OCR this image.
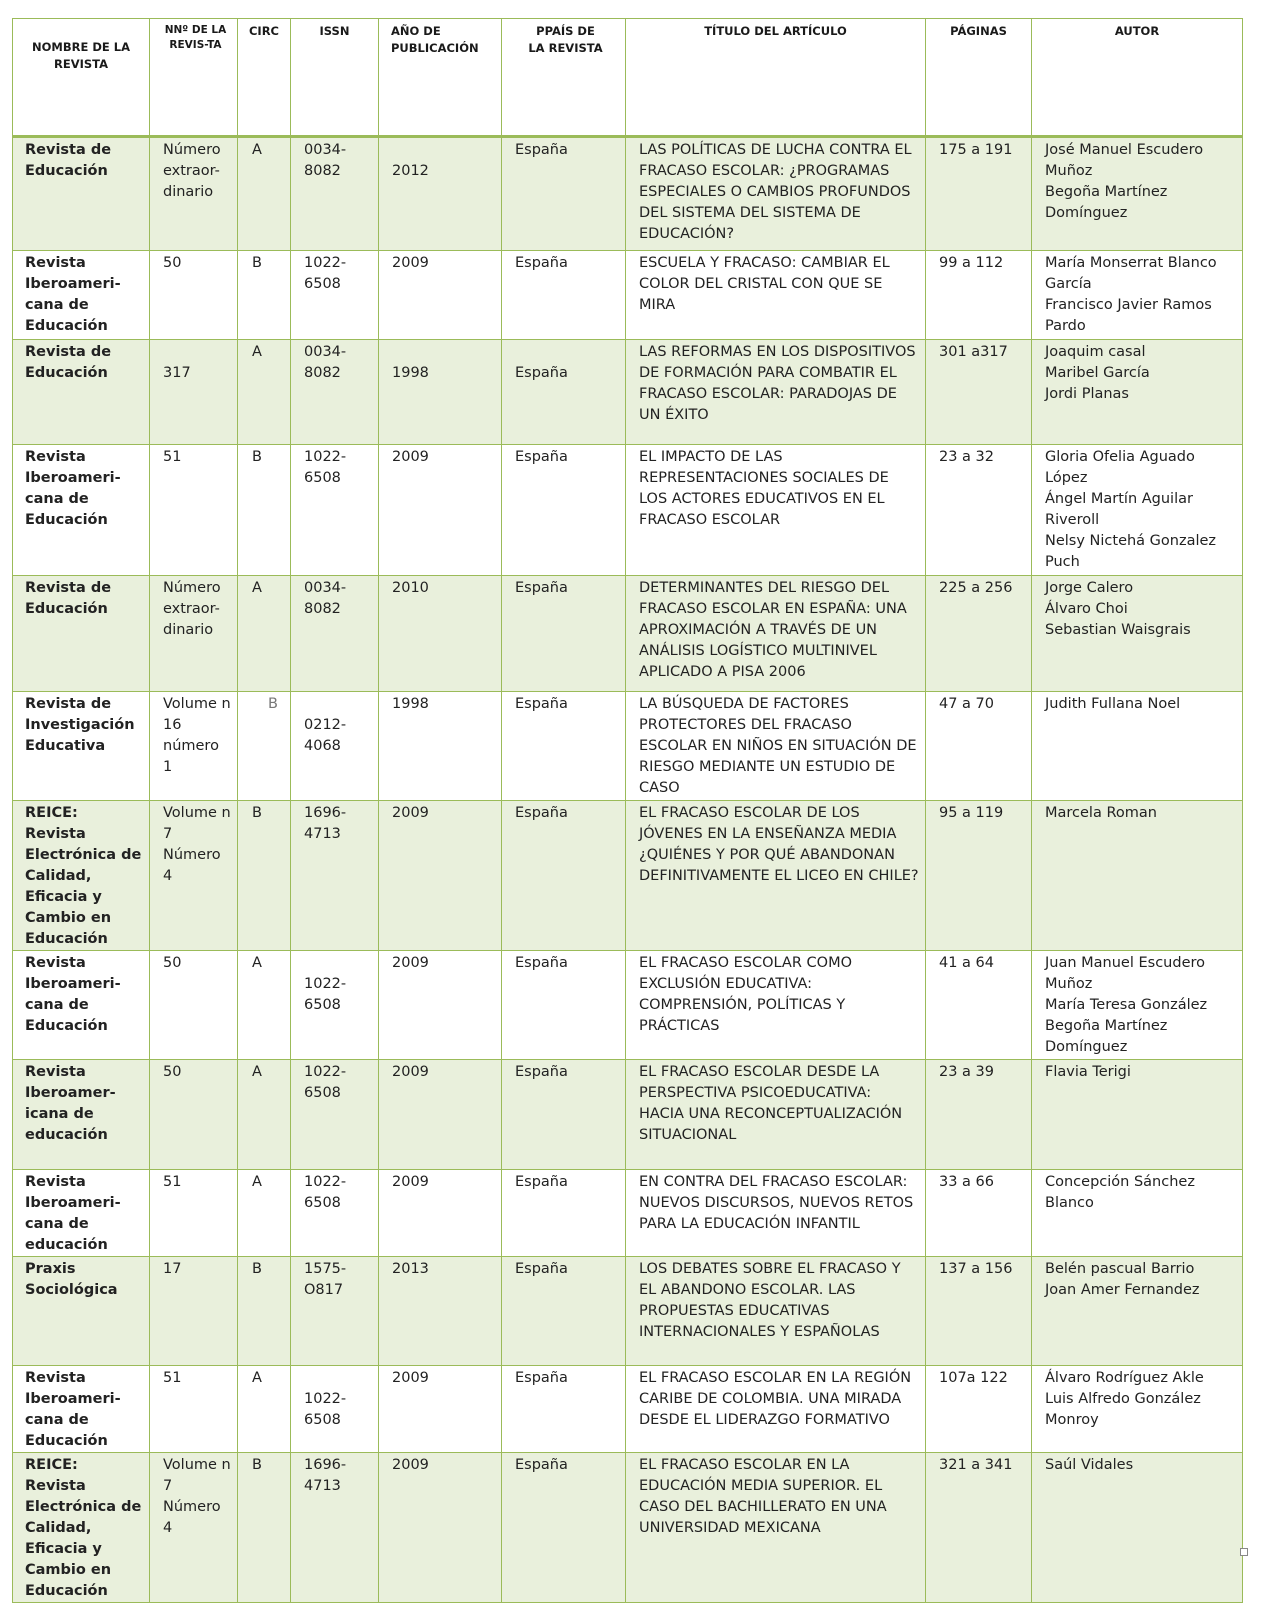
NOMBRE DE LA REVISTA	NNº DE LA REVIS-TA	CIRC	ISSN	AÑO DE PUBLICACIÓN	PPAÍS DE LA REVISTA	TÍTULO DEL ARTÍCULO	PÁGINAS	AUTOR
Revista de Educación	Número extraor-dinario	A	0034-8082	2012	España	LAS POLÍTICAS DE LUCHA CONTRA EL FRACASO ESCOLAR: ¿PROGRAMAS ESPECIALES O CAMBIOS PROFUNDOS DEL SISTEMA DEL SISTEMA DE EDUCACIÓN?	175 a 191	José Manuel Escudero Muñoz
Begoña Martínez Domínguez

Revista Iberoameri-cana de Educación	50	B	1022-6508	2009	España	ESCUELA Y FRACASO: CAMBIAR EL COLOR DEL CRISTAL CON QUE SE MIRA	99 a 112	María Monserrat Blanco García
Francisco Javier Ramos Pardo

Revista de Educación	317	A	0034-8082	1998	España	LAS REFORMAS EN LOS DISPOSITIVOS DE FORMACIÓN PARA COMBATIR EL FRACASO ESCOLAR: PARADOJAS DE UN ÉXITO	301 a317	Joaquim casal
Maribel García
Jordi Planas

Revista Iberoameri-cana de Educación	51	B	1022-6508	2009	España	EL IMPACTO DE LAS REPRESENTACIONES SOCIALES DE LOS ACTORES EDUCATIVOS EN EL FRACASO ESCOLAR	23 a 32	Gloria Ofelia Aguado López
Ángel Martín Aguilar Riveroll
Nelsy Nictehá Gonzalez Puch

Revista de Educación	Número extraor-dinario	A	0034-8082	2010	España	DETERMINANTES DEL RIESGO DEL FRACASO ESCOLAR EN ESPAÑA: UNA APROXIMACIÓN A TRAVÉS DE UN ANÁLISIS LOGÍSTICO MULTINIVEL APLICADO A PISA 2006	225 a 256	Jorge Calero
Álvaro Choi
Sebastian Waisgrais

Revista de Investigación Educativa	Volume n 16 número 1	B	0212-4068	1998	España	LA BÚSQUEDA DE FACTORES PROTECTORES DEL FRACASO ESCOLAR EN NIÑOS EN SITUACIÓN DE RIESGO MEDIANTE UN ESTUDIO DE CASO	47 a 70	Judith Fullana Noel

REICE: Revista Electrónica de Calidad, Eficacia y Cambio en Educación	Volume n 7 Número 4	B	1696-4713	2009	España	EL FRACASO ESCOLAR DE LOS JÓVENES EN LA ENSEÑANZA MEDIA ¿QUIÉNES Y POR QUÉ ABANDONAN DEFINITIVAMENTE EL LICEO EN CHILE?	95 a 119	Marcela Roman

Revista Iberoameri-cana de Educación	50	A	1022-6508	2009	España	EL FRACASO ESCOLAR COMO EXCLUSIÓN EDUCATIVA: COMPRENSIÓN, POLÍTICAS Y PRÁCTICAS	41 a 64	Juan Manuel Escudero Muñoz
María Teresa González
Begoña Martínez Domínguez

Revista Iberoamer-icana de educación	50	A	1022-6508	2009	España	EL FRACASO ESCOLAR DESDE LA PERSPECTIVA PSICOEDUCATIVA: HACIA UNA RECONCEPTUALIZACIÓN SITUACIONAL	23 a 39	Flavia Terigi

Revista Iberoameri-cana de educación	51	A	1022-6508	2009	España	EN CONTRA DEL FRACASO ESCOLAR: NUEVOS DISCURSOS, NUEVOS RETOS PARA LA EDUCACIÓN INFANTIL	33 a 66	Concepción Sánchez Blanco

Praxis Sociológica	17	B	1575-O817	2013	España	LOS DEBATES SOBRE EL FRACASO Y EL ABANDONO ESCOLAR. LAS PROPUESTAS EDUCATIVAS INTERNACIONALES Y ESPAÑOLAS	137 a 156	Belén pascual Barrio
Joan Amer Fernandez

Revista Iberoameri-cana de Educación	51	A	1022-6508	2009	España	EL FRACASO ESCOLAR EN LA REGIÓN CARIBE DE COLOMBIA. UNA MIRADA DESDE EL LIDERAZGO FORMATIVO	107a 122	Álvaro Rodríguez Akle
Luis Alfredo González Monroy

REICE: Revista Electrónica de Calidad, Eficacia y Cambio en Educación	Volume n 7 Número 4	B	1696-4713	2009	España	EL FRACASO ESCOLAR EN LA EDUCACIÓN MEDIA SUPERIOR. EL CASO DEL BACHILLERATO EN UNA UNIVERSIDAD MEXICANA	321 a 341	Saúl Vidales
